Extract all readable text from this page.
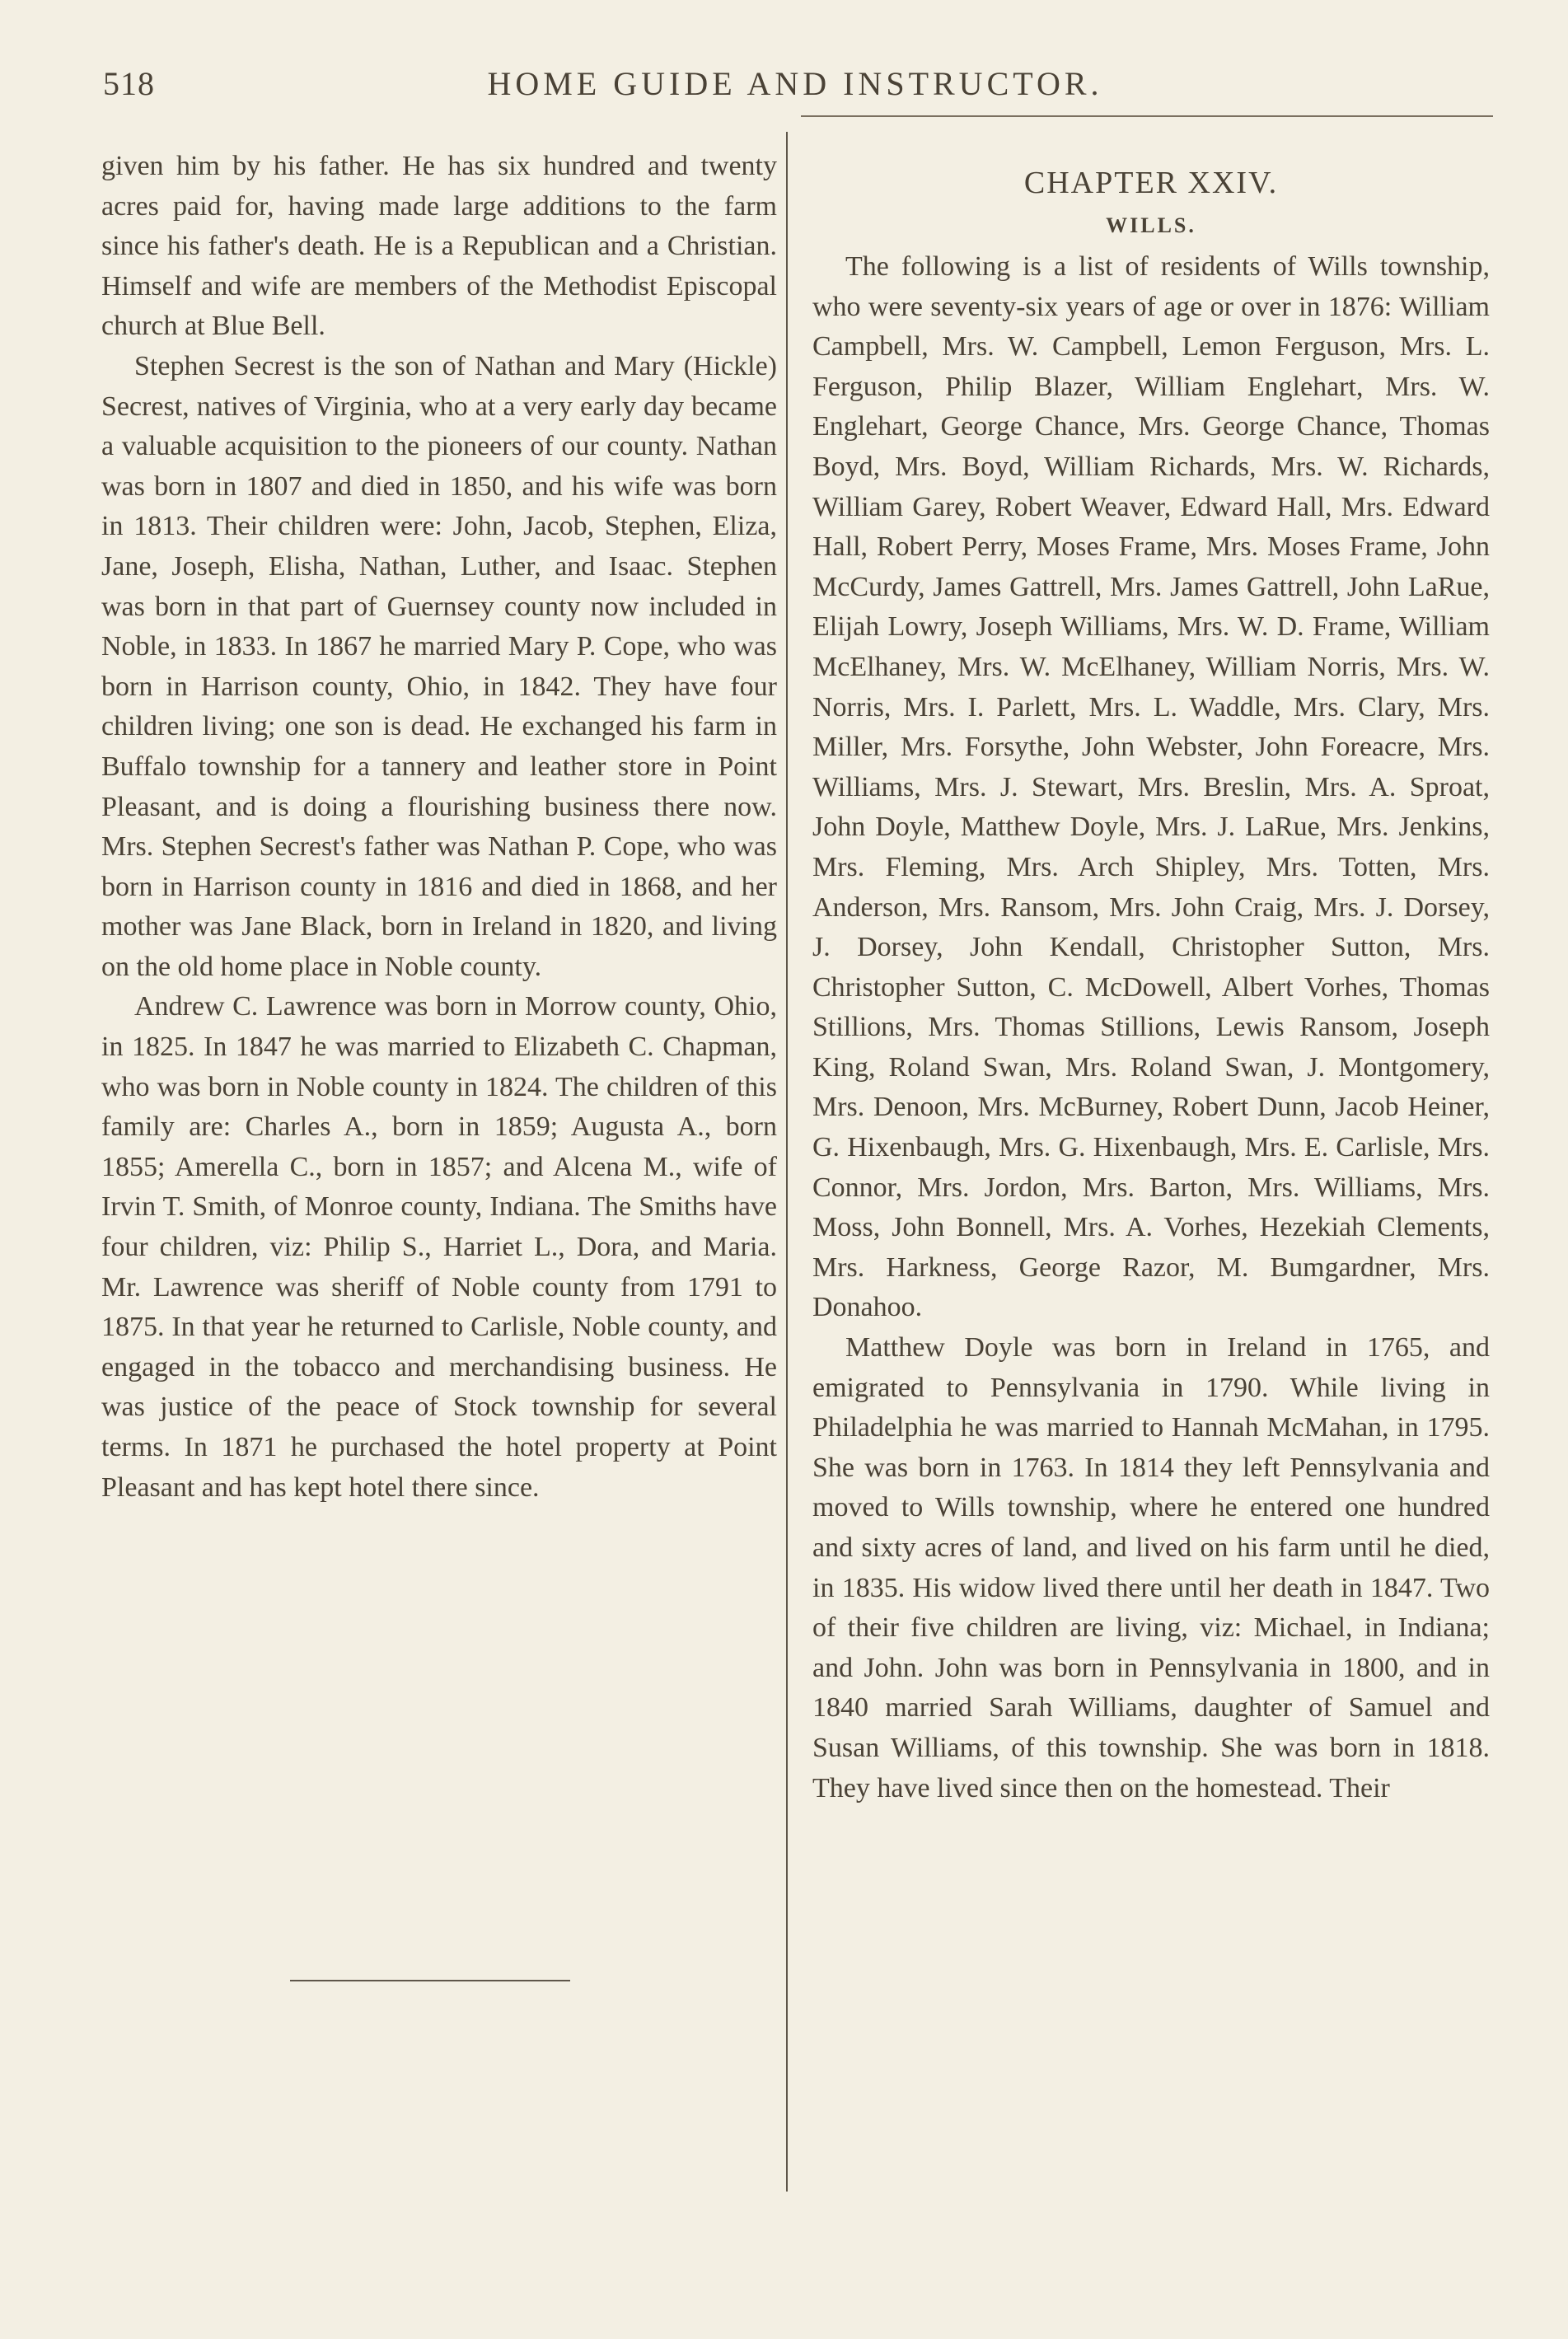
518	HOME GUIDE AND INSTRUCTOR.

given him by his father. He has six hundred and twenty acres paid for, having made large additions to the farm since his father's death. He is a Republican and a Christian. Himself and wife are members of the Methodist Episcopal church at Blue Bell.

Stephen Secrest is the son of Nathan and Mary (Hickle) Secrest, natives of Virginia, who at a very early day became a valuable acquisition to the pioneers of our county. Nathan was born in 1807 and died in 1850, and his wife was born in 1813. Their children were: John, Jacob, Stephen, Eliza, Jane, Joseph, Elisha, Nathan, Luther, and Isaac. Stephen was born in that part of Guernsey county now included in Noble, in 1833. In 1867 he married Mary P. Cope, who was born in Harrison county, Ohio, in 1842. They have four children living; one son is dead. He exchanged his farm in Buffalo township for a tannery and leather store in Point Pleasant, and is doing a flourishing business there now. Mrs. Stephen Secrest's father was Nathan P. Cope, who was born in Harrison county in 1816 and died in 1868, and her mother was Jane Black, born in Ireland in 1820, and living on the old home place in Noble county.

Andrew C. Lawrence was born in Morrow county, Ohio, in 1825. In 1847 he was married to Elizabeth C. Chapman, who was born in Noble county in 1824. The children of this family are: Charles A., born in 1859; Augusta A., born 1855; Amerella C., born in 1857; and Alcena M., wife of Irvin T. Smith, of Monroe county, Indiana. The Smiths have four children, viz: Philip S., Harriet L., Dora, and Maria. Mr. Lawrence was sheriff of Noble county from 1791 to 1875. In that year he returned to Carlisle, Noble county, and engaged in the tobacco and merchandising business. He was justice of the peace of Stock township for several terms. In 1871 he purchased the hotel property at Point Pleasant and has kept hotel there since.

CHAPTER XXIV.
WILLS.

The following is a list of residents of Wills township, who were seventy-six years of age or over in 1876: William Campbell, Mrs. W. Campbell, Lemon Ferguson, Mrs. L. Ferguson, Philip Blazer, William Englehart, Mrs. W. Englehart, George Chance, Mrs. George Chance, Thomas Boyd, Mrs. Boyd, William Richards, Mrs. W. Richards, William Garey, Robert Weaver, Edward Hall, Mrs. Edward Hall, Robert Perry, Moses Frame, Mrs. Moses Frame, John McCurdy, James Gattrell, Mrs. James Gattrell, John LaRue, Elijah Lowry, Joseph Williams, Mrs. W. D. Frame, William McElhaney, Mrs. W. McElhaney, William Norris, Mrs. W. Norris, Mrs. I. Parlett, Mrs. L. Waddle, Mrs. Clary, Mrs. Miller, Mrs. Forsythe, John Webster, John Foreacre, Mrs. Williams, Mrs. J. Stewart, Mrs. Breslin, Mrs. A. Sproat, John Doyle, Matthew Doyle, Mrs. J. LaRue, Mrs. Jenkins, Mrs. Fleming, Mrs. Arch Shipley, Mrs. Totten, Mrs. Anderson, Mrs. Ransom, Mrs. John Craig, Mrs. J. Dorsey, J. Dorsey, John Kendall, Christopher Sutton, Mrs. Christopher Sutton, C. McDowell, Albert Vorhes, Thomas Stillions, Mrs. Thomas Stillions, Lewis Ransom, Joseph King, Roland Swan, Mrs. Roland Swan, J. Montgomery, Mrs. Denoon, Mrs. McBurney, Robert Dunn, Jacob Heiner, G. Hixenbaugh, Mrs. G. Hixenbaugh, Mrs. E. Carlisle, Mrs. Connor, Mrs. Jordon, Mrs. Barton, Mrs. Williams, Mrs. Moss, John Bonnell, Mrs. A. Vorhes, Hezekiah Clements, Mrs. Harkness, George Razor, M. Bumgardner, Mrs. Donahoo.

Matthew Doyle was born in Ireland in 1765, and emigrated to Pennsylvania in 1790. While living in Philadelphia he was married to Hannah McMahan, in 1795. She was born in 1763. In 1814 they left Pennsylvania and moved to Wills township, where he entered one hundred and sixty acres of land, and lived on his farm until he died, in 1835. His widow lived there until her death in 1847. Two of their five children are living, viz: Michael, in Indiana; and John. John was born in Pennsylvania in 1800, and in 1840 married Sarah Williams, daughter of Samuel and Susan Williams, of this township. She was born in 1818. They have lived since then on the homestead. Their
